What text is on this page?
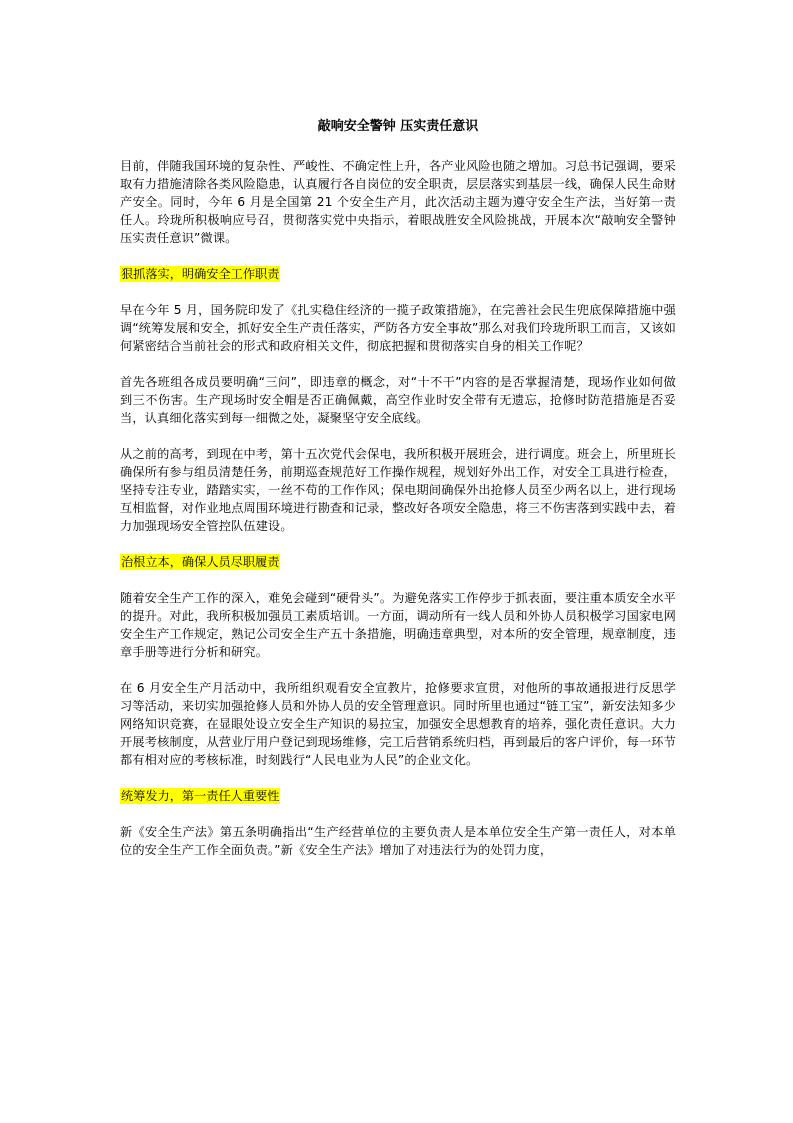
敲响安全警钟 压实责任意识

目前，伴随我国环境的复杂性、严峻性、不确定性上升，各产业风险也随之增加。习总书记强调，要采取有力措施清除各类风险隐患，认真履行各自岗位的安全职责，层层落实到基层一线，确保人民生命财产安全。同时，今年 6 月是全国第 21 个安全生产月，此次活动主题为遵守安全生产法，当好第一责任人。玲珑所积极响应号召，贯彻落实党中央指示，着眼战胜安全风险挑战，开展本次“敲响安全警钟 压实责任意识”微课。

狠抓落实，明确安全工作职责

早在今年 5 月，国务院印发了《扎实稳住经济的一揽子政策措施》，在完善社会民生兜底保障措施中强调“统筹发展和安全，抓好安全生产责任落实，严防各方安全事故”那么对我们玲珑所职工而言，又该如何紧密结合当前社会的形式和政府相关文件，彻底把握和贯彻落实自身的相关工作呢？

首先各班组各成员要明确“三问”，即违章的概念，对“十不干”内容的是否掌握清楚，现场作业如何做到三不伤害。生产现场时安全帽是否正确佩戴，高空作业时安全带有无遗忘，抢修时防范措施是否妥当，认真细化落实到每一细微之处，凝聚坚守安全底线。

从之前的高考，到现在中考，第十五次党代会保电，我所积极开展班会，进行调度。班会上，所里班长确保所有参与组员清楚任务，前期巡查规范好工作操作规程，规划好外出工作，对安全工具进行检查，坚持专注专业，踏踏实实，一丝不苟的工作作风；保电期间确保外出抢修人员至少两名以上，进行现场互相监督，对作业地点周围环境进行勘查和记录，整改好各项安全隐患，将三不伤害落到实践中去，着力加强现场安全管控队伍建设。

治根立本，确保人员尽职履责

随着安全生产工作的深入，难免会碰到“硬骨头”。为避免落实工作停步于抓表面，要注重本质安全水平的提升。对此，我所积极加强员工素质培训。一方面，调动所有一线人员和外协人员积极学习国家电网安全生产工作规定，熟记公司安全生产五十条措施，明确违章典型，对本所的安全管理，规章制度，违章手册等进行分析和研究。

在 6 月安全生产月活动中，我所组织观看安全宣教片，抢修要求宣贯，对他所的事故通报进行反思学习等活动，来切实加强抢修人员和外协人员的安全管理意识。同时所里也通过“链工宝”，新安法知多少网络知识竞赛，在显眼处设立安全生产知识的易拉宝，加强安全思想教育的培养，强化责任意识。大力开展考核制度，从营业厅用户登记到现场维修，完工后营销系统归档，再到最后的客户评价，每一环节都有相对应的考核标准，时刻践行“人民电业为人民”的企业文化。

统筹发力，第一责任人重要性

新《安全生产法》第五条明确指出“生产经营单位的主要负责人是本单位安全生产第一责任人，对本单位的安全生产工作全面负责。”新《安全生产法》增加了对违法行为的处罚力度，
